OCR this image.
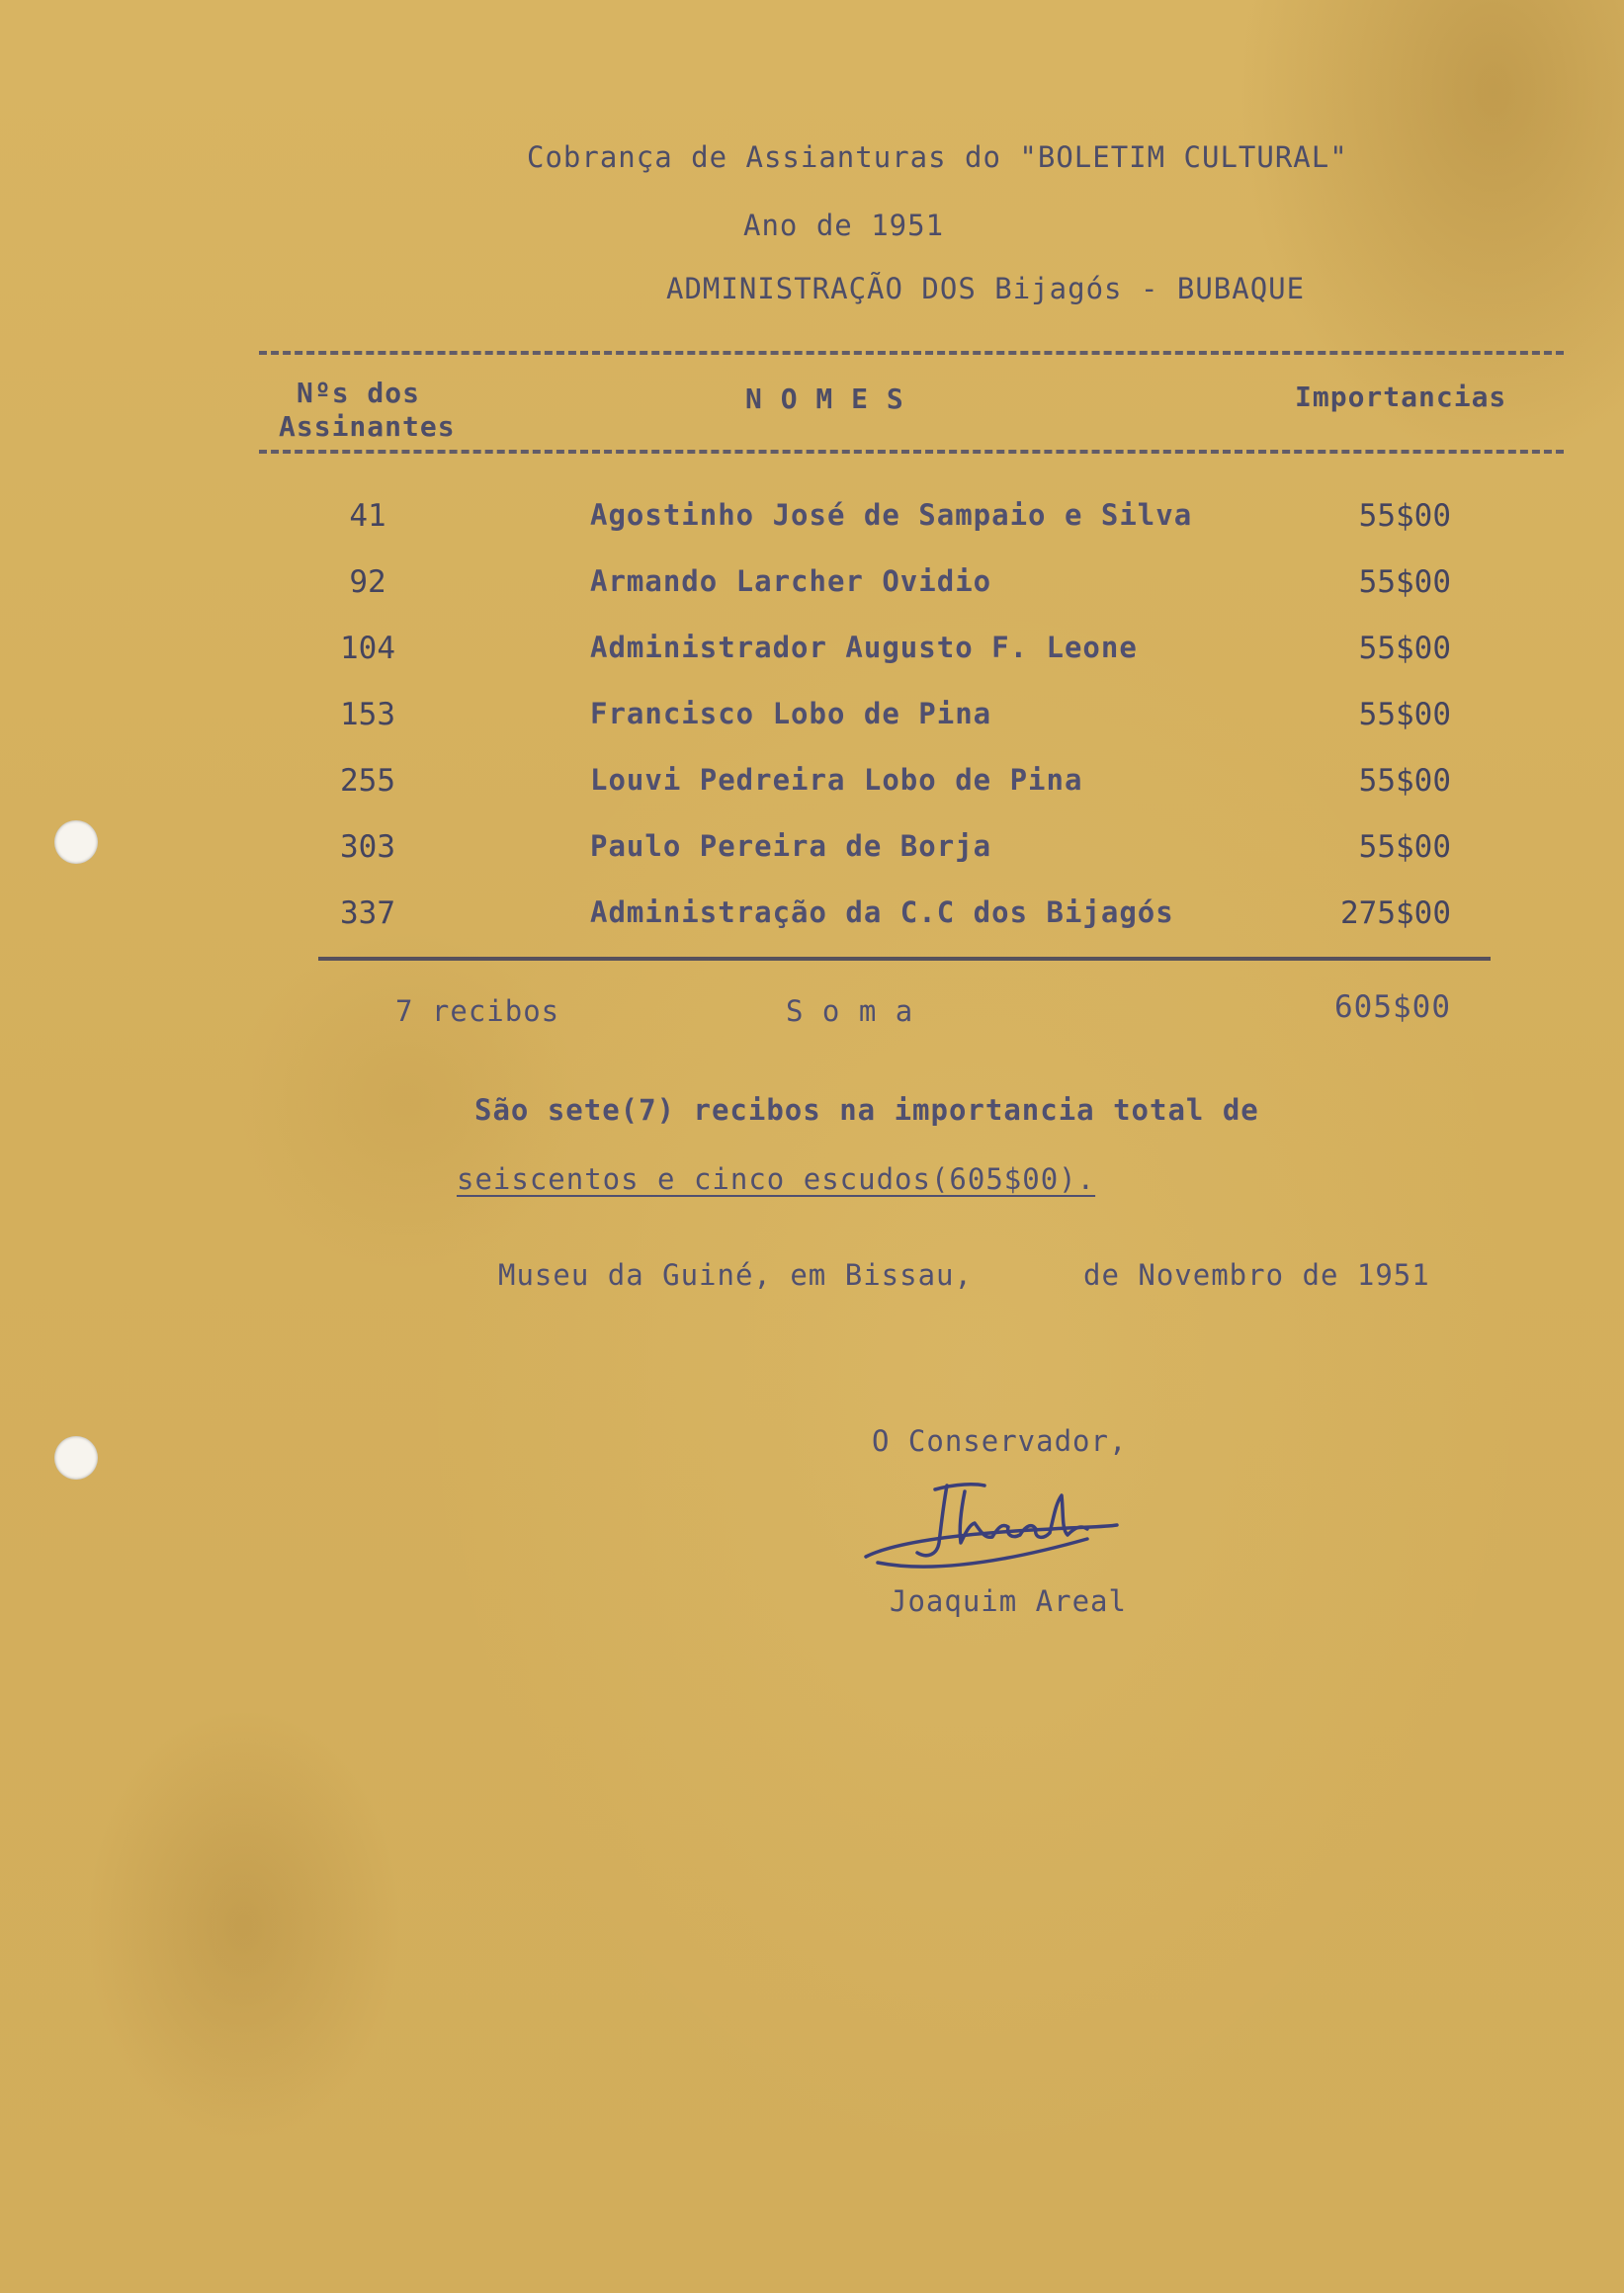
Cobrança de Assianturas do "BOLETIM CULTURAL"
Ano de 1951
ADMINISTRAÇÃO DOS Bijagós - BUBAQUE
Nºs dos
Assinantes
N O M E S	Importancias
41	Agostinho José de Sampaio e Silva	55$00
92	Armando Larcher Ovidio	55$00
104	Administrador Augusto F. Leone	55$00
153	Francisco Lobo de Pina	55$00
255	Louvi Pedreira Lobo de Pina	55$00
303	Paulo Pereira de Borja	55$00
337	Administração da C.C dos Bijagós	275$00
7 recibos	S o m a	605$00
São sete(7) recibos na importancia total de
seiscentos e cinco escudos(605$00).
Museu da Guiné, em Bissau,	de Novembro de 1951
O Conservador,
Joaquim Areal
